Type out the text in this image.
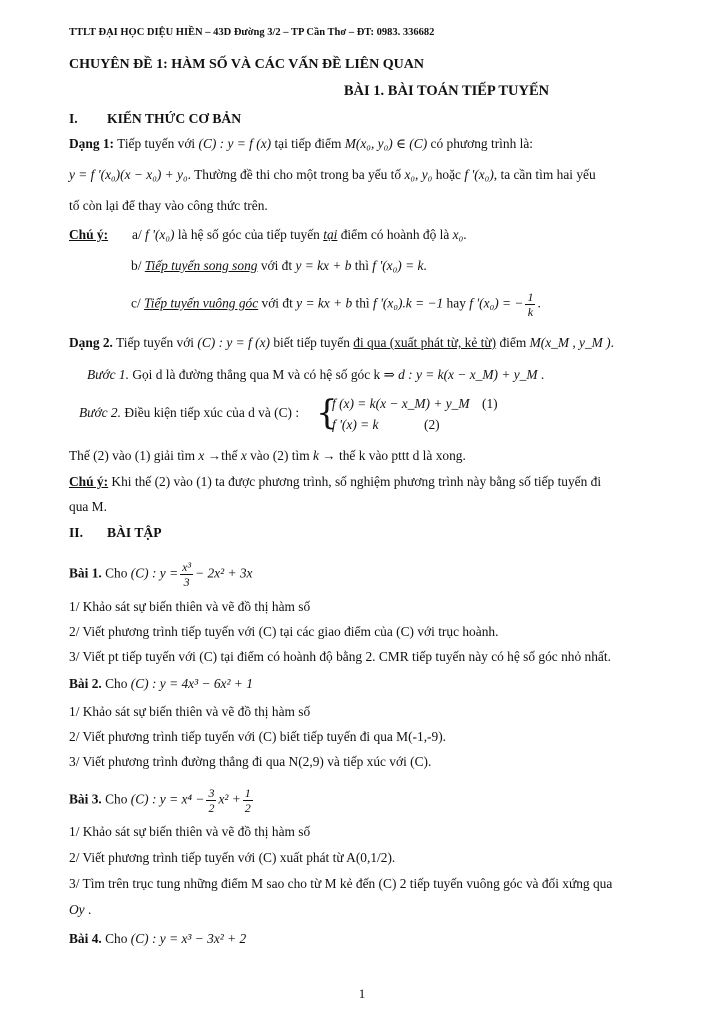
TTLT ĐẠI HỌC DIỆU HIỀN – 43D Đường 3/2 – TP Cần Thơ – ĐT: 0983. 336682
CHUYÊN ĐỀ 1: HÀM SỐ VÀ CÁC VẤN ĐỀ LIÊN QUAN
BÀI 1. BÀI TOÁN TIẾP TUYẾN
I. KIẾN THỨC CƠ BẢN
Dạng 1: Tiếp tuyến với (C) : y = f (x) tại tiếp điểm M(x₀, y₀) ∈ (C) có phương trình là:
y = f '(x₀)(x − x₀) + y₀. Thường đề thi cho một trong ba yếu tố x₀, y₀ hoặc f '(x₀), ta cần tìm hai yếu
tố còn lại để thay vào công thức trên.
Chú ý: a/ f '(x₀) là hệ số góc của tiếp tuyến tại điểm có hoành độ là x₀.
b/ Tiếp tuyến song song với đt y = kx + b thì f '(x₀) = k.
c/ Tiếp tuyến vuông góc với đt y = kx + b thì f '(x₀).k = −1 hay f '(x₀) = − $\frac{1}{k}$ .
Dạng 2. Tiếp tuyến với (C) : y = f (x) biết tiếp tuyến đi qua (xuất phát từ, kẻ từ) điểm M(x_M , y_M ).
Bước 1. Gọi d là đường thẳng qua M và có hệ số góc k ⇒ d : y = k(x − x_M) + y_M .
Bước 2. Điều kiện tiếp xúc của d và (C) : {
f (x) = k(x − x_M) + y_M (1)
f '(x) = k	(2)
Thế (2) vào (1) giải tìm x →thế x vào (2) tìm k → thế k vào pttt d là xong.
Chú ý: Khi thế (2) vào (1) ta được phương trình, số nghiệm phương trình này bằng số tiếp tuyến đi
qua M.
II. BÀI TẬP
Bài 1. Cho (C) : $y = \frac{\text{x³}}{3} - 2x^2 + 3x$
1/ Khảo sát sự biến thiên và vẽ đồ thị hàm số
2/ Viết phương trình tiếp tuyến với (C) tại các giao điểm của (C) với trục hoành.
3/ Viết pt tiếp tuyến với (C) tại điểm có hoành độ bằng 2. CMR tiếp tuyến này có hệ số góc nhỏ nhất.
Bài 2. Cho (C) : y = 4x³ − 6x² + 1
1/ Khảo sát sự biến thiên và vẽ đồ thị hàm số
2/ Viết phương trình tiếp tuyến với (C) biết tiếp tuyến đi qua M(-1,-9).
3/ Viết phương trình đường thẳng đi qua N(2,9) và tiếp xúc với (C).
Bài 3. Cho (C) : $y = x^4 - \frac{3}{2} x^2 + \frac{1}{2}$
1/ Khảo sát sự biến thiên và vẽ đồ thị hàm số
2/ Viết phương trình tiếp tuyến với (C) xuất phát từ A(0,1/2).
3/ Tìm trên trục tung những điểm M sao cho từ M kẻ đến (C) 2 tiếp tuyến vuông góc và đối xứng qua
Oy .
Bài 4. Cho (C) : y = x³ − 3x² + 2
1
